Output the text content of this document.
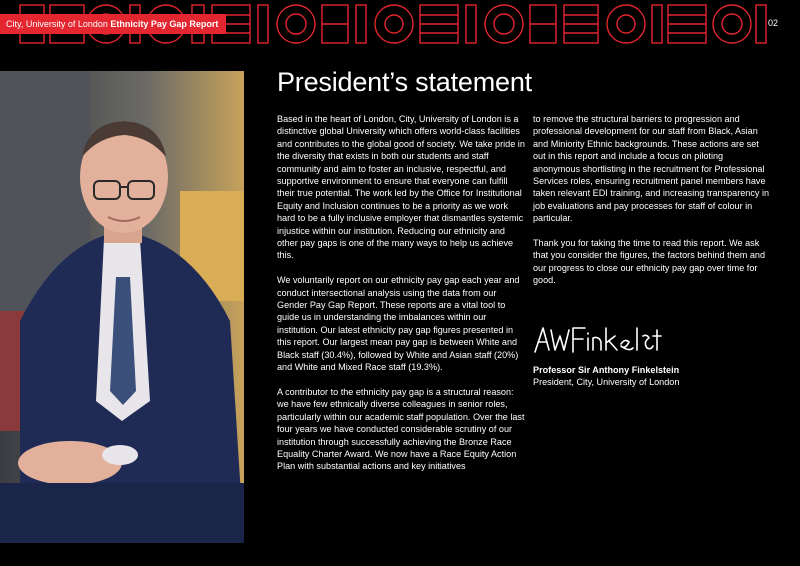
City, University of London Ethnicity Pay Gap Report	02
President’s statement

Based in the heart of London, City, University of London is a distinctive global University which offers world-class facilities and contributes to the global good of society. We take pride in the diversity that exists in both our students and staff community and aim to foster an inclusive, respectful, and supportive environment to ensure that everyone can fulfill their true potential. The work led by the Office for Institutional Equity and Inclusion continues to be a priority as we work hard to be a fully inclusive employer that dismantles systemic injustice within our institution. Reducing our ethnicity and other pay gaps is one of the many ways to help us achieve this.

We voluntarily report on our ethnicity pay gap each year and conduct intersectional analysis using the data from our Gender Pay Gap Report. These reports are a vital tool to guide us in understanding the imbalances within our institution. Our latest ethnicity pay gap figures presented in this report. Our largest mean pay gap is between White and Black staff (30.4%), followed by White and Asian staff (20%) and White and Mixed Race staff (19.3%).

A contributor to the ethnicity pay gap is a structural reason: we have few ethnically diverse colleagues in senior roles, particularly within our academic staff population. Over the last four years we have conducted considerable scrutiny of our institution through successfully achieving the Bronze Race Equality Charter Award. We now have a Race Equity Action Plan with substantial actions and key initiatives

to remove the structural barriers to progression and professional development for our staff from Black, Asian and Miniority Ethnic backgrounds. These actions are set out in this report and include a focus on piloting anonymous shortlisting in the recruitment for Professional Services roles, ensuring recruitment panel members have taken relevant EDI training, and increasing transparency in job evaluations and pay processes for staff of colour in particular.

Thank you for taking the time to read this report. We ask that you consider the figures, the factors behind them and our progress to close our ethnicity pay gap over time for good.

Professor Sir Anthony Finkelstein
President, City, University of London
